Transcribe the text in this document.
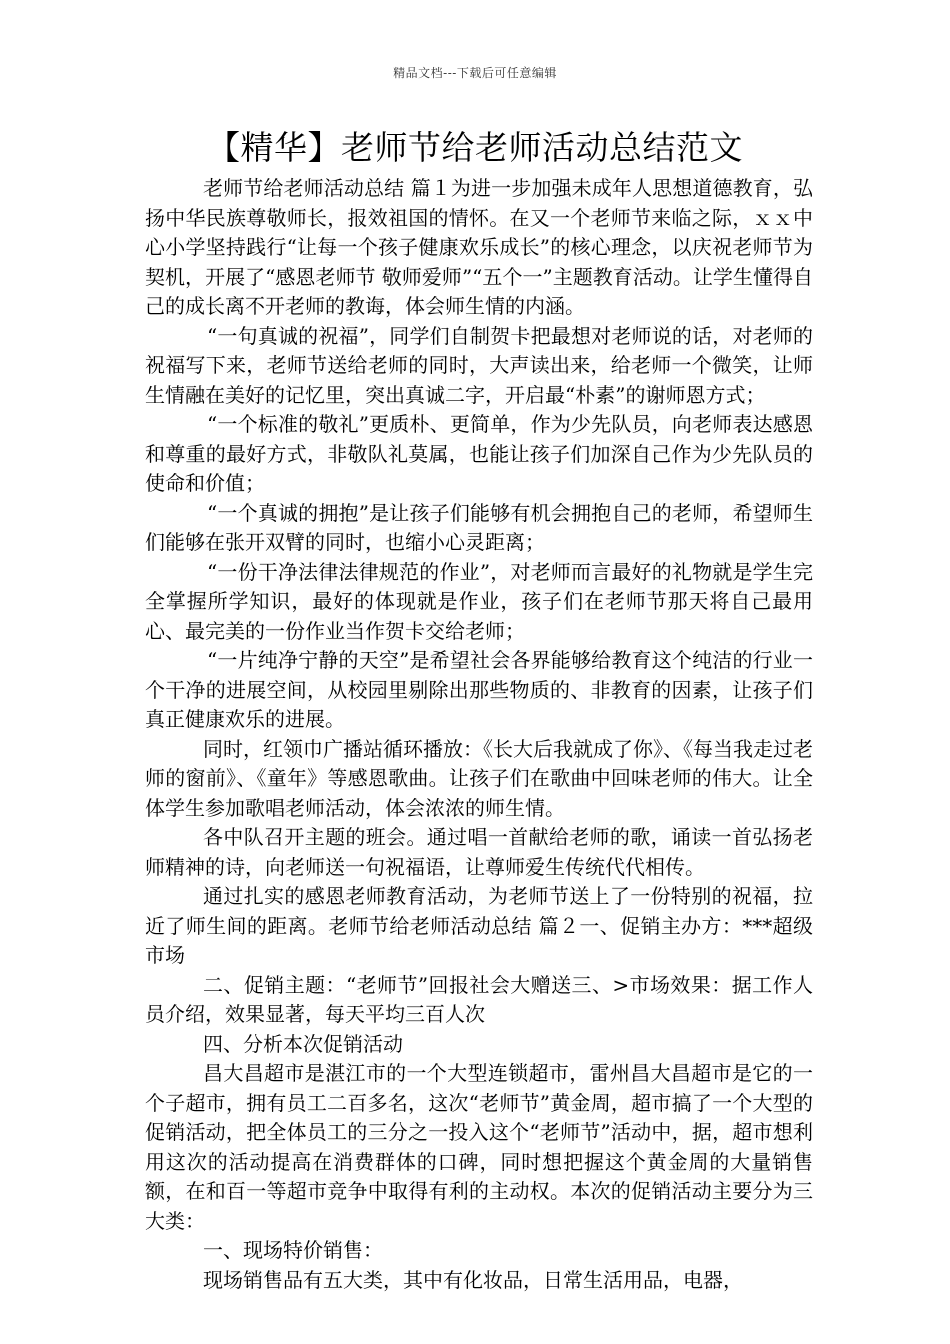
精品文档---下载后可任意编辑
【精华】老师节给老师活动总结范文

老师节给老师活动总结 篇１为进一步加强未成年人思想道德教育，弘扬中华民族尊敬师长，报效祖国的情怀。在又一个老师节来临之际，ｘｘ中心小学坚持践行“让每一个孩子健康欢乐成长”的核心理念，以庆祝老师节为契机，开展了“感恩老师节 敬师爱师”“五个一”主题教育活动。让学生懂得自己的成长离不开老师的教诲，体会师生情的内涵。

“一句真诚的祝福”，同学们自制贺卡把最想对老师说的话，对老师的祝福写下来，老师节送给老师的同时，大声读出来，给老师一个微笑，让师生情融在美好的记忆里，突出真诚二字，开启最“朴素”的谢师恩方式；

“一个标准的敬礼”更质朴、更简单，作为少先队员，向老师表达感恩和尊重的最好方式，非敬队礼莫属，也能让孩子们加深自己作为少先队员的使命和价值；

“一个真诚的拥抱”是让孩子们能够有机会拥抱自己的老师，希望师生们能够在张开双臂的同时，也缩小心灵距离；

“一份干净法律法律规范的作业”，对老师而言最好的礼物就是学生完全掌握所学知识，最好的体现就是作业，孩子们在老师节那天将自己最用心、最完美的一份作业当作贺卡交给老师；

“一片纯净宁静的天空”是希望社会各界能够给教育这个纯洁的行业一个干净的进展空间，从校园里剔除出那些物质的、非教育的因素，让孩子们真正健康欢乐的进展。

同时，红领巾广播站循环播放：《长大后我就成了你》、《每当我走过老师的窗前》、《童年》等感恩歌曲。让孩子们在歌曲中回味老师的伟大。让全体学生参加歌唱老师活动，体会浓浓的师生情。

各中队召开主题的班会。通过唱一首献给老师的歌，诵读一首弘扬老师精神的诗，向老师送一句祝福语，让尊师爱生传统代代相传。

通过扎实的感恩老师教育活动，为老师节送上了一份特别的祝福，拉近了师生间的距离。老师节给老师活动总结 篇２一、促销主办方：***超级市场

二、促销主题：“老师节”回报社会大赠送三、>市场效果：据工作人员介绍，效果显著，每天平均三百人次

四、分析本次促销活动

昌大昌超市是湛江市的一个大型连锁超市，雷州昌大昌超市是它的一个子超市，拥有员工二百多名，这次“老师节”黄金周，超市搞了一个大型的促销活动，把全体员工的三分之一投入这个“老师节”活动中，据，超市想利用这次的活动提高在消费群体的口碑，同时想把握这个黄金周的大量销售额，在和百一等超市竞争中取得有利的主动权。本次的促销活动主要分为三大类：

一、现场特价销售：

现场销售品有五大类，其中有化妆品，日常生活用品，电器，
